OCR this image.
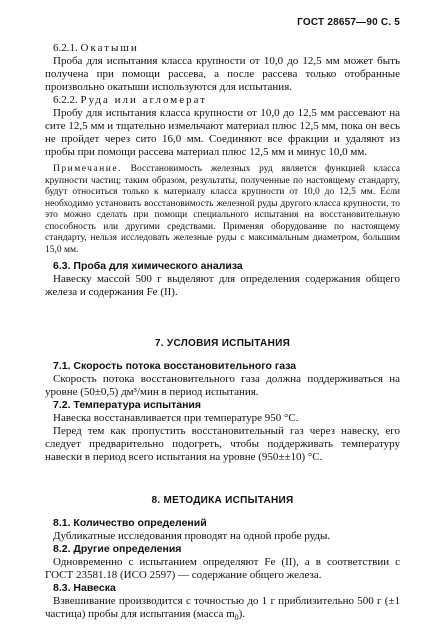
ГОСТ 28657—90 С. 5
6.2.1. Окатыши

Проба для испытания класса крупности от 10,0 до 12,5 мм может быть получена при помощи рассева, а после рассева только отобранные произвольно окатыши используются для испытания.

6.2.2. Руда или агломерат

Пробу для испытания класса крупности от 10,0 до 12,5 мм рассевают на сите 12,5 мм и тщательно измельчают материал плюс 12,5 мм, пока он весь не пройдет через сито 16,0 мм. Соединяют все фракции и удаляют из пробы при помощи рассева материал плюс 12,5 мм и минус 10,0 мм.

Примечание. Восстановимость железных руд является функцией класса крупности частиц; таким образом, результаты, полученные по настоящему стандарту, будут относиться только к материалу класса крупности от 10,0 до 12,5 мм. Если необходимо установить восстановимость железной руды другого класса крупности, то это можно сделать при помощи специального испытания на восстановительную способность или другими средствами. Применяя оборудование по настоящему стандарту, нельзя исследовать железные руды с максимальным диаметром, большим 15,0 мм.

6.3. Проба для химического анализа

Навеску массой 500 г выделяют для определения содержания общего железа и содержания Fe (II).

7. УСЛОВИЯ ИСПЫТАНИЯ
7.1. Скорость потока восстановительного газа

Скорость потока восстановительного газа должна поддерживаться на уровне (50±0,5) дм³/мин в период испытания.

7.2. Температура испытания

Навеска восстанавливается при температуре 950 °С.

Перед тем как пропустить восстановительный газ через навеску, его следует предварительно подогреть, чтобы поддерживать температуру навески в период всего испытания на уровне (950±±10) °С.

8. МЕТОДИКА ИСПЫТАНИЯ
8.1. Количество определений

Дубликатные исследования проводят на одной пробе руды.

8.2. Другие определения

Одновременно с испытанием определяют Fe (II), а в соответствии с ГОСТ 23581.18 (ИСО 2597) — содержание общего железа.

8.3. Навеска

Взвешивание производится с точностью до 1 г приблизительно 500 г (±1 частица) пробы для испытания (масса $m_0$).
